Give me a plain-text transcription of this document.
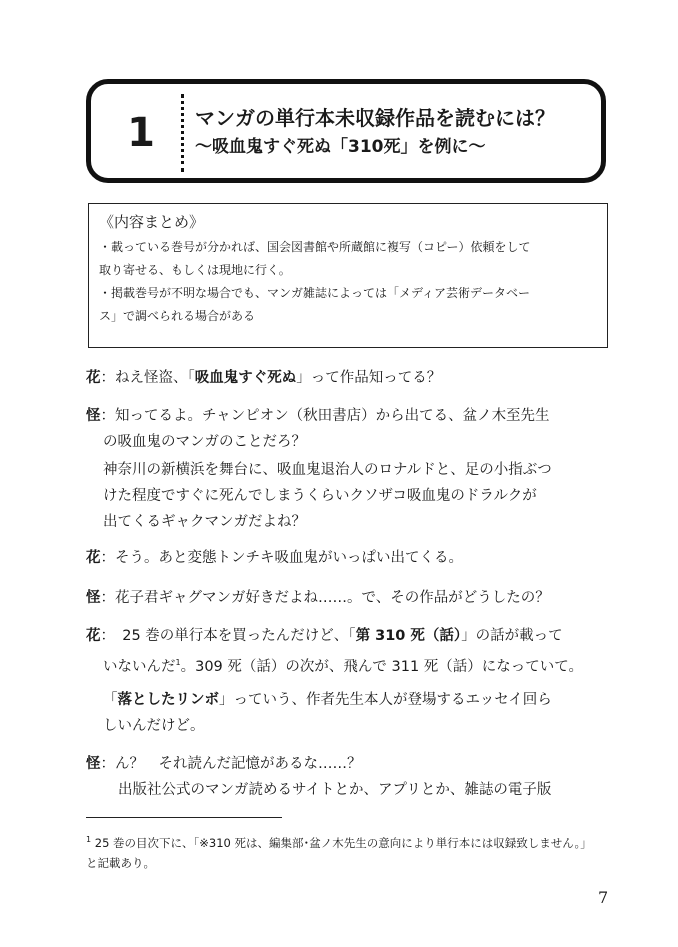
1	マンガの単行本未収録作品を読むには？
～吸血鬼すぐ死ぬ「310死」を例に～
《内容まとめ》
・載っている巻号が分かれば、国会図書館や所蔵館に複写（コピー）依頼をして
取り寄せる、もしくは現地に行く。
・掲載巻号が不明な場合でも、マンガ雑誌によっては「メディア芸術データベー
ス」で調べられる場合がある
花：ねえ怪盗、「吸血鬼すぐ死ぬ」って作品知ってる？
怪：知ってるよ。チャンピオン（秋田書店）から出てる、盆ノ木至先生
の吸血鬼のマンガのことだろ？
神奈川の新横浜を舞台に、吸血鬼退治人のロナルドと、足の小指ぶつ
けた程度ですぐに死んでしまうくらいクソザコ吸血鬼のドラルクが
出てくるギャクマンガだよね？
花：そう。あと変態トンチキ吸血鬼がいっぱい出てくる。
怪：花子君ギャグマンガ好きだよね……。で、その作品がどうしたの？
花：　25 巻の単行本を買ったんだけど、「第 310 死（話）」の話が載って
いないんだ$^1$。309 死（話）の次が、飛んで 311 死（話）になっていて。
「落としたリンボ」っていう、作者先生本人が登場するエッセイ回ら
しいんだけど。
怪：ん？　それ読んだ記憶があるな……？
出版社公式のマンガ読めるサイトとか、アプリとか、雑誌の電子版
$^1$ 25 巻の目次下に、「※310 死は、編集部･盆ノ木先生の意向により単行本には収録致しません。」
と記載あり。
7
